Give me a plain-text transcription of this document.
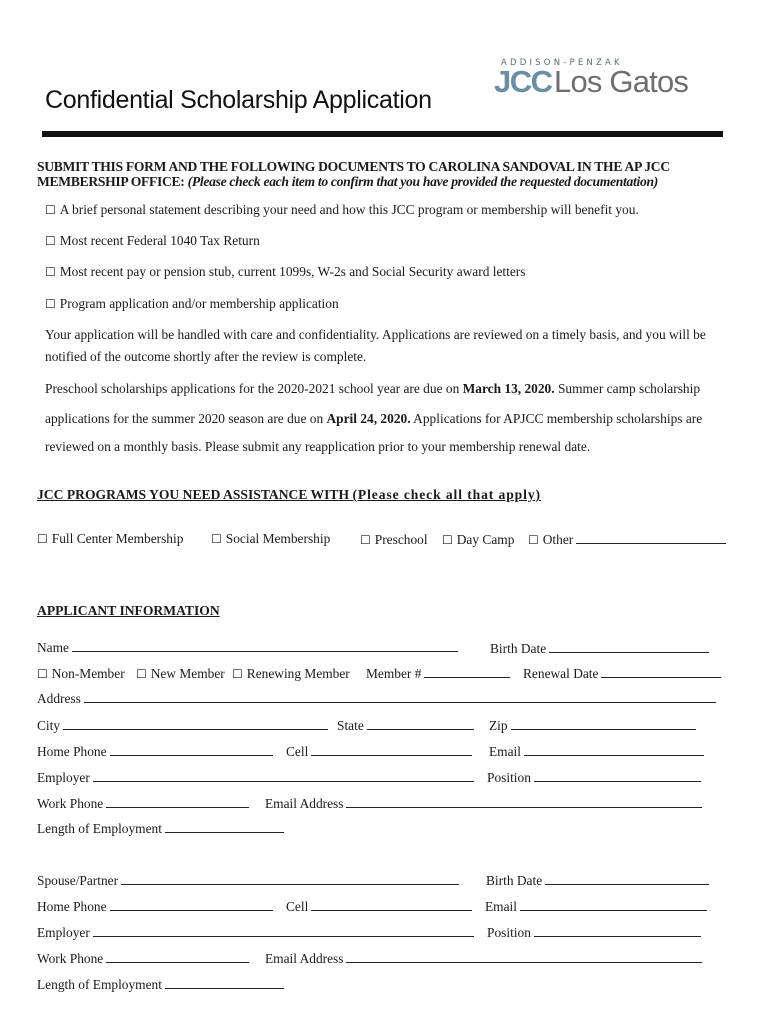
ADDISON-PENZAK
JCC Los Gatos
Confidential Scholarship Application
SUBMIT THIS FORM AND THE FOLLOWING DOCUMENTS TO CAROLINA SANDOVAL IN THE AP JCC
MEMBERSHIP OFFICE: (Please check each item to confirm that you have provided the requested documentation)
☐ A brief personal statement describing your need and how this JCC program or membership will benefit you.
☐ Most recent Federal 1040 Tax Return
☐ Most recent pay or pension stub, current 1099s, W-2s and Social Security award letters
☐ Program application and/or membership application
Your application will be handled with care and confidentiality. Applications are reviewed on a timely basis, and you will be
notified of the outcome shortly after the review is complete.
Preschool scholarships applications for the 2020-2021 school year are due on March 13, 2020. Summer camp scholarship
applications for the summer 2020 season are due on April 24, 2020. Applications for APJCC membership scholarships are
reviewed on a monthly basis. Please submit any reapplication prior to your membership renewal date.
JCC PROGRAMS YOU NEED ASSISTANCE WITH (Please check all that apply)
☐ Full Center Membership ☐ Social Membership ☐ Preschool ☐ Day Camp ☐ Other
APPLICANT INFORMATION
Name	Birth Date
☐ Non-Member ☐ New Member ☐ Renewing Member Member #	Renewal Date
Address
City	State	Zip
Home Phone	Cell	Email
Employer	Position
Work Phone	Email Address
Length of Employment
Spouse/Partner	Birth Date
Home Phone	Cell	Email
Employer	Position
Work Phone	Email Address
Length of Employment
